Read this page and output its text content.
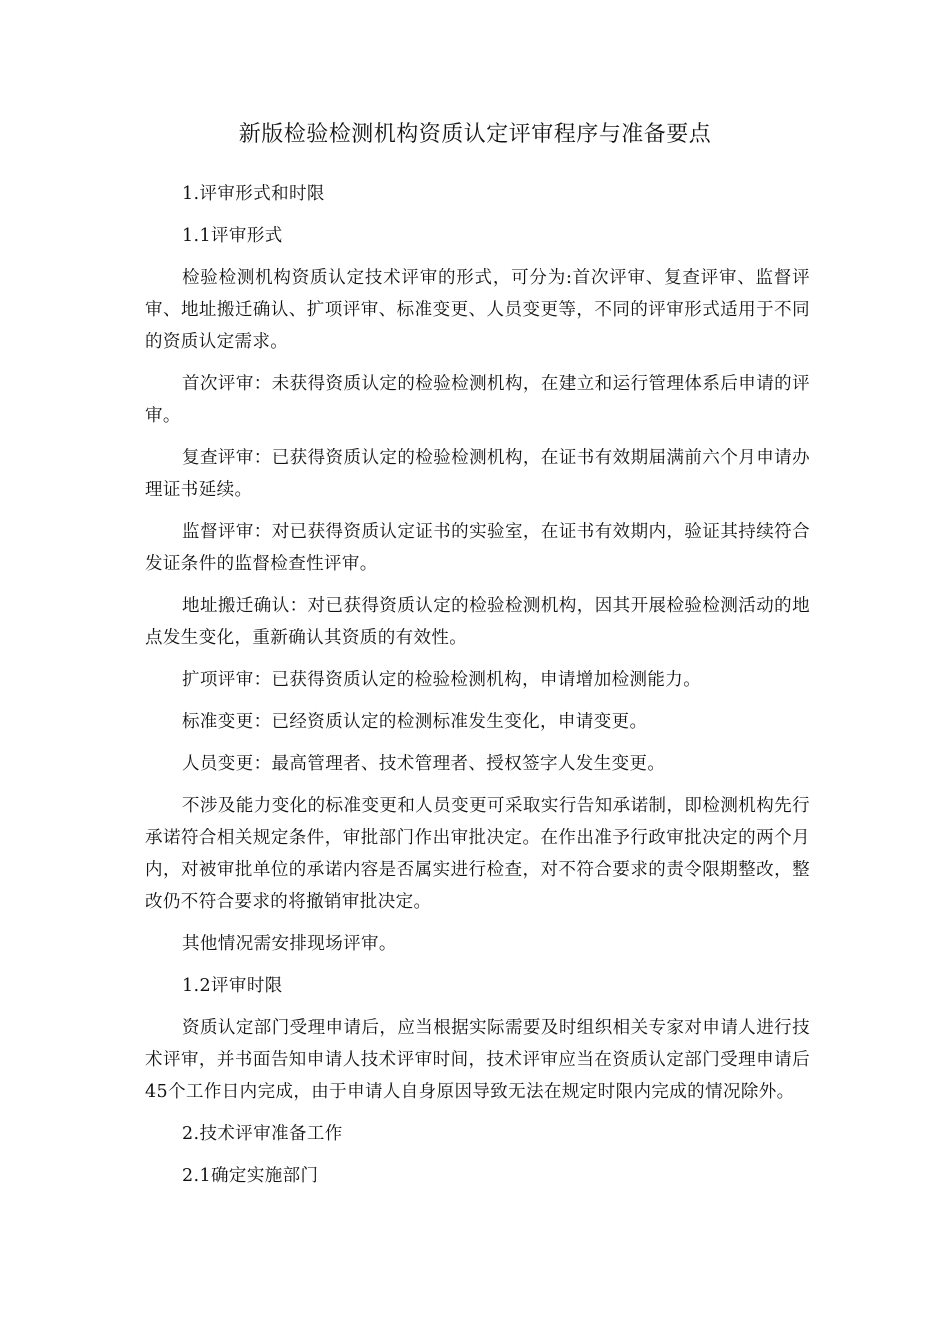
新版检验检测机构资质认定评审程序与准备要点

1.评审形式和时限

1.1评审形式

检验检测机构资质认定技术评审的形式，可分为:首次评审、复查评审、监督评审、地址搬迁确认、扩项评审、标准变更、人员变更等，不同的评审形式适用于不同的资质认定需求。

首次评审：未获得资质认定的检验检测机构，在建立和运行管理体系后申请的评审。

复查评审：已获得资质认定的检验检测机构，在证书有效期届满前六个月申请办理证书延续。

监督评审：对已获得资质认定证书的实验室，在证书有效期内，验证其持续符合发证条件的监督检查性评审。

地址搬迁确认：对已获得资质认定的检验检测机构，因其开展检验检测活动的地点发生变化，重新确认其资质的有效性。

扩项评审：已获得资质认定的检验检测机构，申请增加检测能力。

标准变更：已经资质认定的检测标准发生变化，申请变更。

人员变更：最高管理者、技术管理者、授权签字人发生变更。

不涉及能力变化的标准变更和人员变更可采取实行告知承诺制，即检测机构先行承诺符合相关规定条件，审批部门作出审批决定。在作出准予行政审批决定的两个月内，对被审批单位的承诺内容是否属实进行检查，对不符合要求的责令限期整改，整改仍不符合要求的将撤销审批决定。

其他情况需安排现场评审。

1.2评审时限

资质认定部门受理申请后，应当根据实际需要及时组织相关专家对申请人进行技术评审，并书面告知申请人技术评审时间，技术评审应当在资质认定部门受理申请后45个工作日内完成，由于申请人自身原因导致无法在规定时限内完成的情况除外。

2.技术评审准备工作

2.1确定实施部门
